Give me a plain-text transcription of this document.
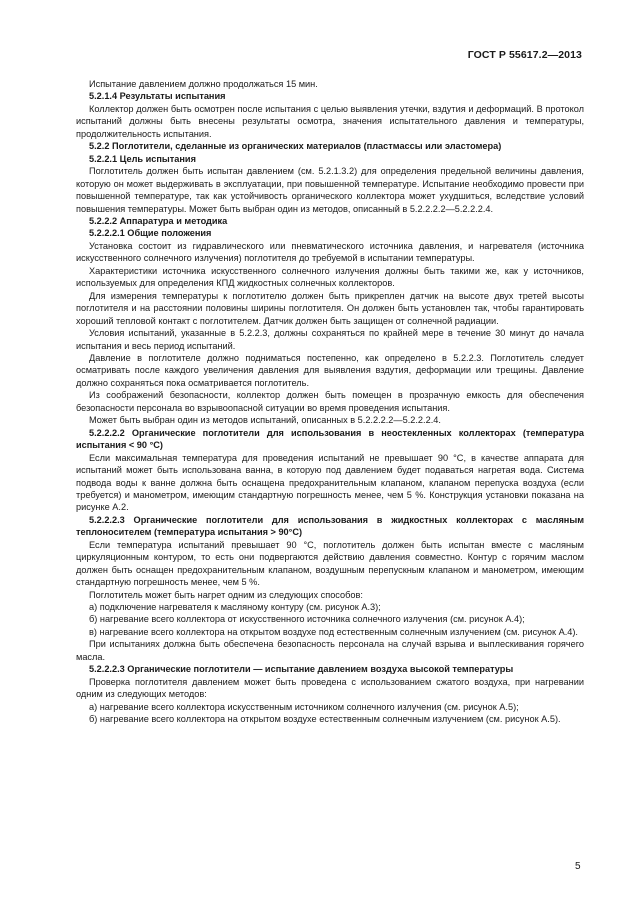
ГОСТ Р 55617.2—2013

Испытание давлением должно продолжаться 15 мин.

5.2.1.4 Результаты испытания

Коллектор должен быть осмотрен после испытания с целью выявления утечки, вздутия и деформаций. В протокол испытаний должны быть внесены результаты осмотра, значения испытательного давления и температуры, продолжительность испытания.

5.2.2 Поглотители, сделанные из органических материалов (пластмассы или эластомера)

5.2.2.1 Цель испытания

Поглотитель должен быть испытан давлением (см. 5.2.1.3.2) для определения предельной величины давления, которую он может выдерживать в эксплуатации, при повышенной температуре. Испытание необходимо провести при повышенной температуре, так как устойчивость органического коллектора может ухудшиться, вследствие условий повышения температуры. Может быть выбран один из методов, описанный в 5.2.2.2.2—5.2.2.2.4.

5.2.2.2 Аппаратура и методика

5.2.2.2.1 Общие положения

Установка состоит из гидравлического или пневматического источника давления, и нагревателя (источника искусственного солнечного излучения) поглотителя до требуемой в испытании температуры.

Характеристики источника искусственного солнечного излучения должны быть такими же, как у источников, используемых для определения КПД жидкостных солнечных коллекторов.

Для измерения температуры к поглотителю должен быть прикреплен датчик на высоте двух третей высоты поглотителя и на расстоянии половины ширины поглотителя. Он должен быть установлен так, чтобы гарантировать хороший тепловой контакт с поглотителем. Датчик должен быть защищен от солнечной радиации.

Условия испытаний, указанные в 5.2.2.3, должны сохраняться по крайней мере в течение 30 минут до начала испытания и весь период испытаний.

Давление в поглотителе должно подниматься постепенно, как определено в 5.2.2.3. Поглотитель следует осматривать после каждого увеличения давления для выявления вздутия, деформации или трещины. Давление должно сохраняться пока осматривается поглотитель.

Из соображений безопасности, коллектор должен быть помещен в прозрачную емкость для обеспечения безопасности персонала во взрывоопасной ситуации во время проведения испытания.

Может быть выбран один из методов испытаний, описанных в 5.2.2.2.2—5.2.2.2.4.

5.2.2.2.2 Органические поглотители для использования в неостекленных коллекторах (температура испытания < 90 °C)

Если максимальная температура для проведения испытаний не превышает 90 °C, в качестве аппарата для испытаний может быть использована ванна, в которую под давлением будет подаваться нагретая вода. Система подвода воды к ванне должна быть оснащена предохранительным клапаном, клапаном перепуска воздуха (если требуется) и манометром, имеющим стандартную погрешность менее, чем 5 %. Конструкция установки показана на рисунке А.2.

5.2.2.2.3 Органические поглотители для использования в жидкостных коллекторах с масляным теплоносителем (температура испытания > 90°C)

Если температура испытаний превышает 90 °C, поглотитель должен быть испытан вместе с масляным циркуляционным контуром, то есть они подвергаются действию давления совместно. Контур с горячим маслом должен быть оснащен предохранительным клапаном, воздушным перепускным клапаном и манометром, имеющим стандартную погрешность менее, чем 5 %.

Поглотитель может быть нагрет одним из следующих способов:

а) подключение нагревателя к масляному контуру (см. рисунок А.3);

б) нагревание всего коллектора от искусственного источника солнечного излучения (см. рисунок А.4);

в) нагревание всего коллектора на открытом воздухе под естественным солнечным излучением (см. рисунок А.4).

При испытаниях должна быть обеспечена безопасность персонала на случай взрыва и выплескивания горячего масла.

5.2.2.2.3 Органические поглотители — испытание давлением воздуха высокой температуры

Проверка поглотителя давлением может быть проведена с использованием сжатого воздуха, при нагревании одним из следующих методов:

а) нагревание всего коллектора искусственным источником солнечного излучения (см. рисунок А.5);

б) нагревание всего коллектора на открытом воздухе естественным солнечным излучением (см. рисунок А.5).

5
